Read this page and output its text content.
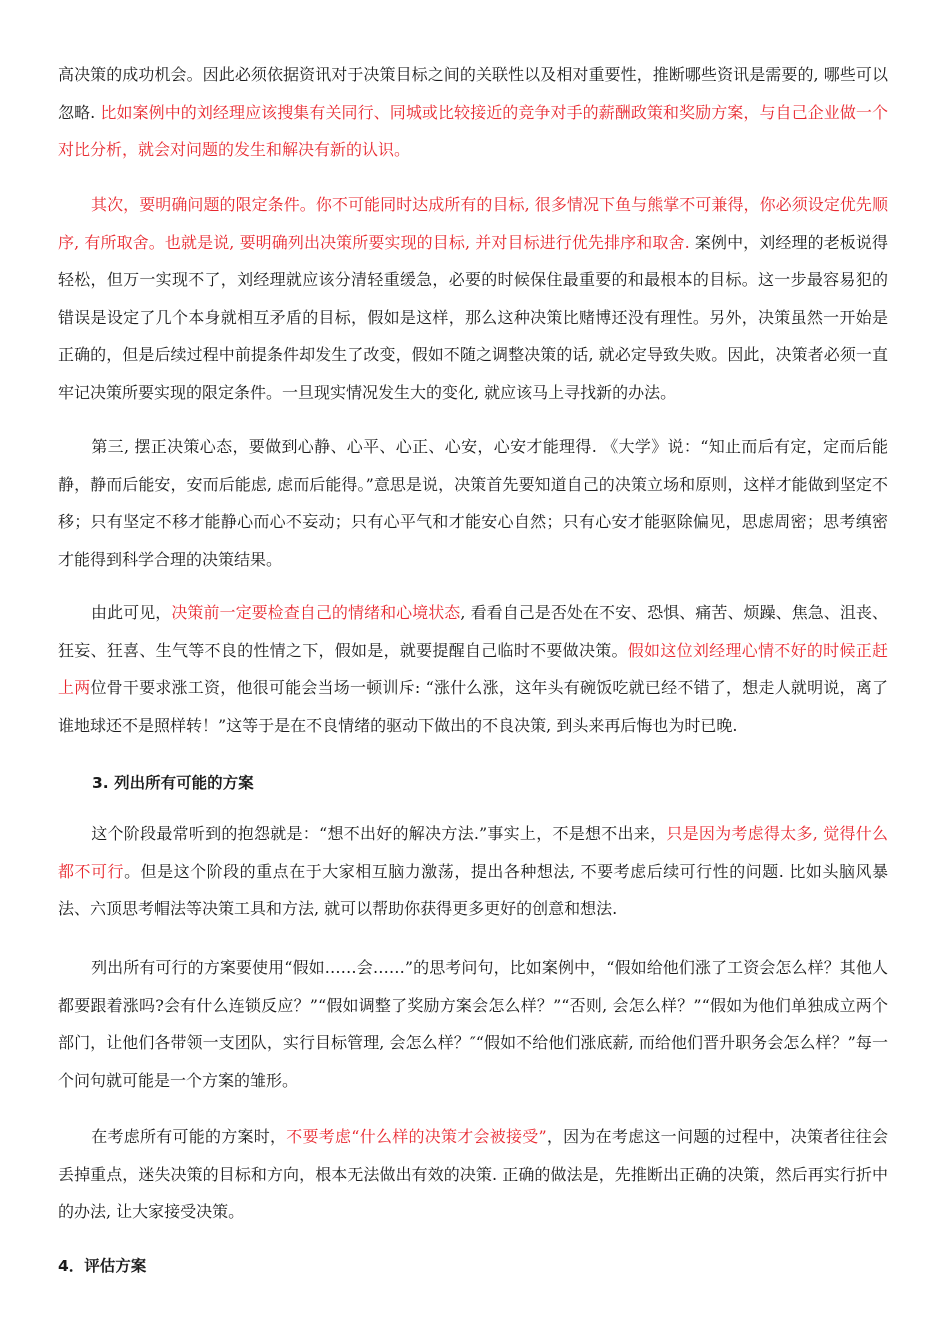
高决策的成功机会。因此必须依据资讯对于决策目标之间的关联性以及相对重要性，推断哪些资讯是需要的, 哪些可以忽略. 比如案例中的刘经理应该搜集有关同行、同城或比较接近的竞争对手的薪酬政策和奖励方案，与自己企业做一个对比分析，就会对问题的发生和解决有新的认识。

其次，要明确问题的限定条件。你不可能同时达成所有的目标, 很多情况下鱼与熊掌不可兼得，你必须设定优先顺序, 有所取舍。也就是说, 要明确列出决策所要实现的目标, 并对目标进行优先排序和取舍. 案例中，刘经理的老板说得轻松，但万一实现不了，刘经理就应该分清轻重缓急，必要的时候保住最重要的和最根本的目标。这一步最容易犯的错误是设定了几个本身就相互矛盾的目标，假如是这样，那么这种决策比赌博还没有理性。另外，决策虽然一开始是正确的，但是后续过程中前提条件却发生了改变，假如不随之调整决策的话, 就必定导致失败。因此，决策者必须一直牢记决策所要实现的限定条件。一旦现实情况发生大的变化, 就应该马上寻找新的办法。

第三, 摆正决策心态，要做到心静、心平、心正、心安，心安才能理得. 《大学》说：“知止而后有定，定而后能静，静而后能安，安而后能虑, 虑而后能得。”意思是说，决策首先要知道自己的决策立场和原则，这样才能做到坚定不移；只有坚定不移才能静心而心不妄动；只有心平气和才能安心自然；只有心安才能驱除偏见，思虑周密；思考缜密才能得到科学合理的决策结果。

由此可见，决策前一定要检查自己的情绪和心境状态, 看看自己是否处在不安、恐惧、痛苦、烦躁、焦急、沮丧、狂妄、狂喜、生气等不良的性情之下，假如是，就要提醒自己临时不要做决策。假如这位刘经理心情不好的时候正赶上两位骨干要求涨工资，他很可能会当场一顿训斥: “涨什么涨，这年头有碗饭吃就已经不错了，想走人就明说，离了谁地球还不是照样转！”这等于是在不良情绪的驱动下做出的不良决策, 到头来再后悔也为时已晚.

3. 列出所有可能的方案

这个阶段最常听到的抱怨就是：“想不出好的解决方法.”事实上，不是想不出来，只是因为考虑得太多, 觉得什么都不可行。但是这个阶段的重点在于大家相互脑力激荡，提出各种想法, 不要考虑后续可行性的问题. 比如头脑风暴法、六顶思考帽法等决策工具和方法, 就可以帮助你获得更多更好的创意和想法.

列出所有可行的方案要使用“假如……会……”的思考问句，比如案例中，“假如给他们涨了工资会怎么样？其他人都要跟着涨吗?会有什么连锁反应？”“假如调整了奖励方案会怎么样？”“否则, 会怎么样？”“假如为他们单独成立两个部门，让他们各带领一支团队，实行目标管理, 会怎么样？″“假如不给他们涨底薪, 而给他们晋升职务会怎么样？”每一个问句就可能是一个方案的雏形。

在考虑所有可能的方案时，不要考虑“什么样的决策才会被接受”，因为在考虑这一问题的过程中，决策者往往会丢掉重点，迷失决策的目标和方向，根本无法做出有效的决策. 正确的做法是，先推断出正确的决策，然后再实行折中的办法, 让大家接受决策。

4．评估方案
